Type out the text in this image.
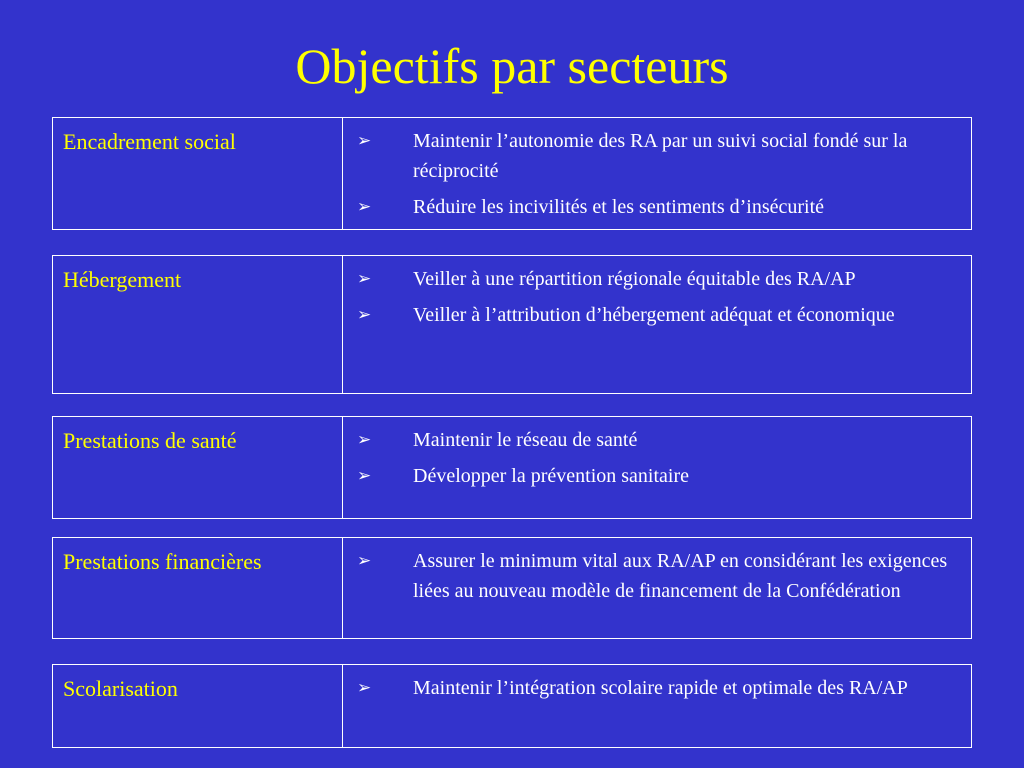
Objectifs par secteurs
Encadrement social	➢	Maintenir l’autonomie des RA par un suivi social fondé sur la réciprocité
➢	Réduire les incivilités et les sentiments d’insécurité
Hébergement	➢	Veiller à une répartition régionale équitable des RA/AP
➢	Veiller à l’attribution d’hébergement adéquat et économique
Prestations de santé	➢	Maintenir le réseau de santé
➢	Développer la prévention sanitaire
Prestations financières	➢	Assurer le minimum vital aux RA/AP en considérant les exigences liées au nouveau modèle de financement de la Confédération
Scolarisation	➢	Maintenir l’intégration scolaire rapide et optimale des RA/AP
